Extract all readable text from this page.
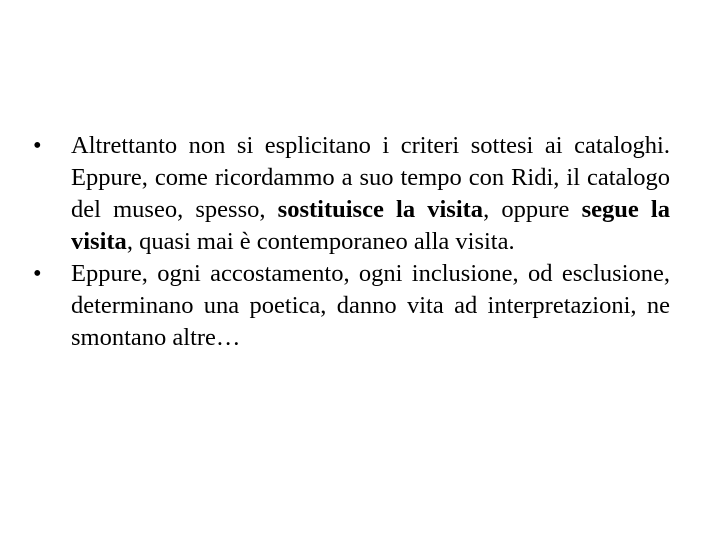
•	Altrettanto non si esplicitano i criteri sottesi ai cataloghi. Eppure, come ricordammo a suo tempo con Ridi, il catalogo del museo, spesso, sostituisce la visita, oppure segue la visita, quasi mai è contemporaneo alla visita.
•	Eppure, ogni accostamento, ogni inclusione, od esclusione, determinano una poetica, danno vita ad interpretazioni, ne smontano altre…
